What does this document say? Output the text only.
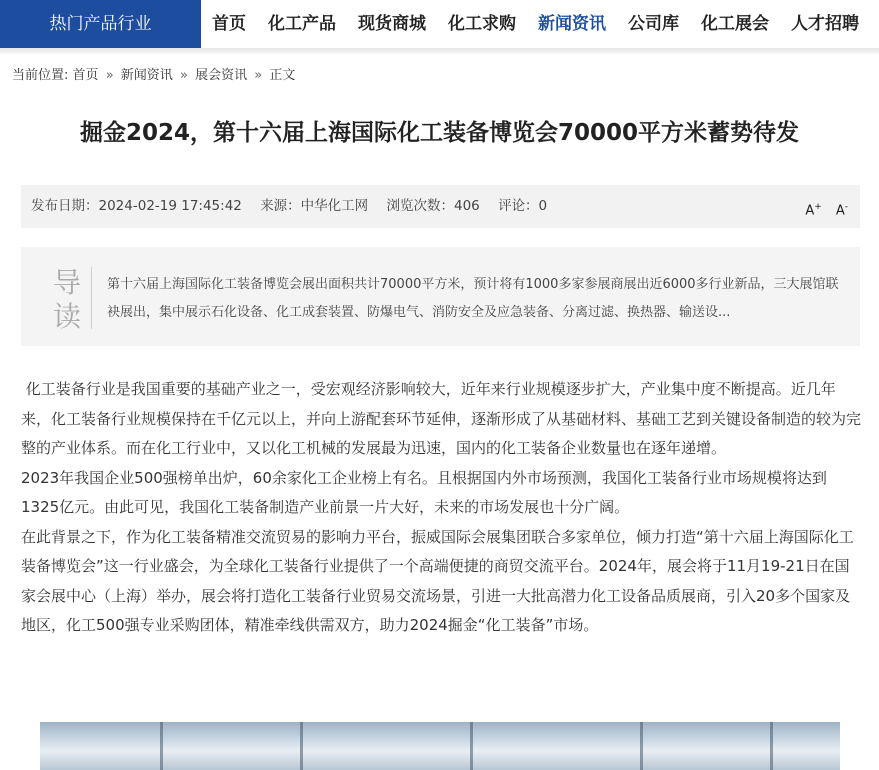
热门产品行业	首页	化工产品	现货商城	化工求购	新闻资讯	公司库	化工展会	人才招聘
当前位置: 首页 » 新闻资讯 » 展会资讯 » 正文
掘金2024，第十六届上海国际化工装备博览会70000平方米蓄势待发
发布日期：2024-02-19 17:45:42 来源：中华化工网 浏览次数：406 评论：0	A+ A-
导读
第十六届上海国际化工装备博览会展出面积共计70000平方米，预计将有1000多家参展商展出近6000多行业新品，三大展馆联袂展出，集中展示石化设备、化工成套装置、防爆电气、消防安全及应急装备、分离过滤、换热器、输送设...

化工装备行业是我国重要的基础产业之一，受宏观经济影响较大，近年来行业规模逐步扩大，产业集中度不断提高。近几年来，化工装备行业规模保持在千亿元以上，并向上游配套环节延伸，逐渐形成了从基础材料、基础工艺到关键设备制造的较为完整的产业体系。而在化工行业中，又以化工机械的发展最为迅速，国内的化工装备企业数量也在逐年递增。

2023年我国企业500强榜单出炉，60余家化工企业榜上有名。且根据国内外市场预测，我国化工装备行业市场规模将达到1325亿元。由此可见，我国化工装备制造产业前景一片大好，未来的市场发展也十分广阔。

在此背景之下，作为化工装备精准交流贸易的影响力平台，振威国际会展集团联合多家单位，倾力打造“第十六届上海国际化工装备博览会”这一行业盛会，为全球化工装备行业提供了一个高端便捷的商贸交流平台。2024年，展会将于11月19-21日在国家会展中心（上海）举办，展会将打造化工装备行业贸易交流场景，引进一大批高潜力化工设备品质展商，引入20多个国家及地区，化工500强专业采购团体，精准牵线供需双方，助力2024掘金“化工装备”市场。
